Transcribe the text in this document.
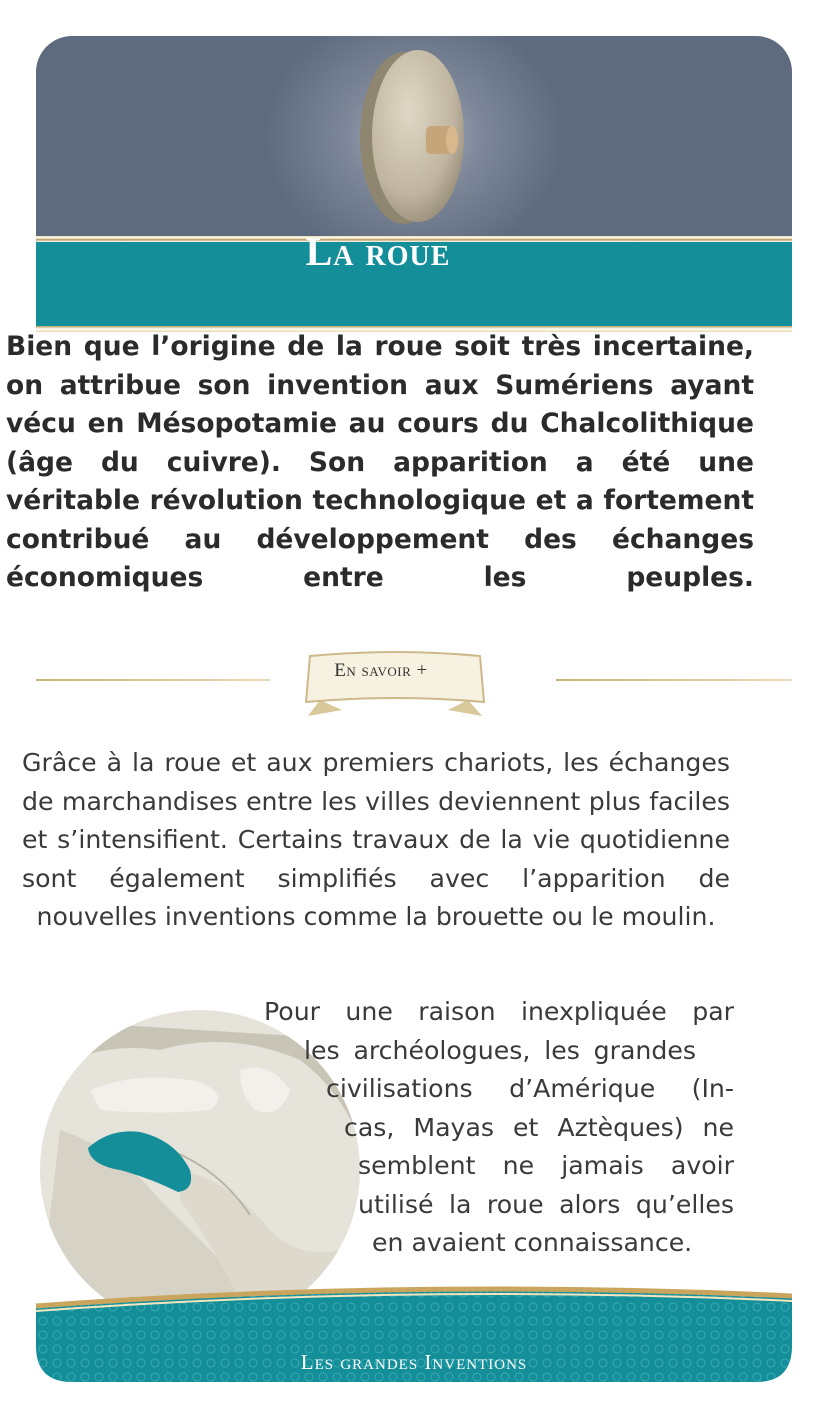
La roue
Bien que l’origine de la roue soit très incertaine, on attribue son invention aux Sumériens ayant vécu en Mésopotamie au cours du Chalcolithique (âge du cuivre). Son apparition a été une véritable révolution technologique et a fortement contribué au développement des échanges économiques entre les peuples.
En savoir +
Grâce à la roue et aux premiers chariots, les échanges de marchandises entre les villes deviennent plus faciles et s’intensifient. Certains travaux de la vie quotidienne sont également simplifiés avec l’apparition de nouvelles inventions comme la brouette ou le moulin.
Pour une raison inexpliquée par
les archéologues, les grandes
civilisations d’Amérique (In-
cas, Mayas et Aztèques) ne
semblent ne jamais avoir
utilisé la roue alors qu’elles
en avaient connaissance.
Les grandes Inventions
